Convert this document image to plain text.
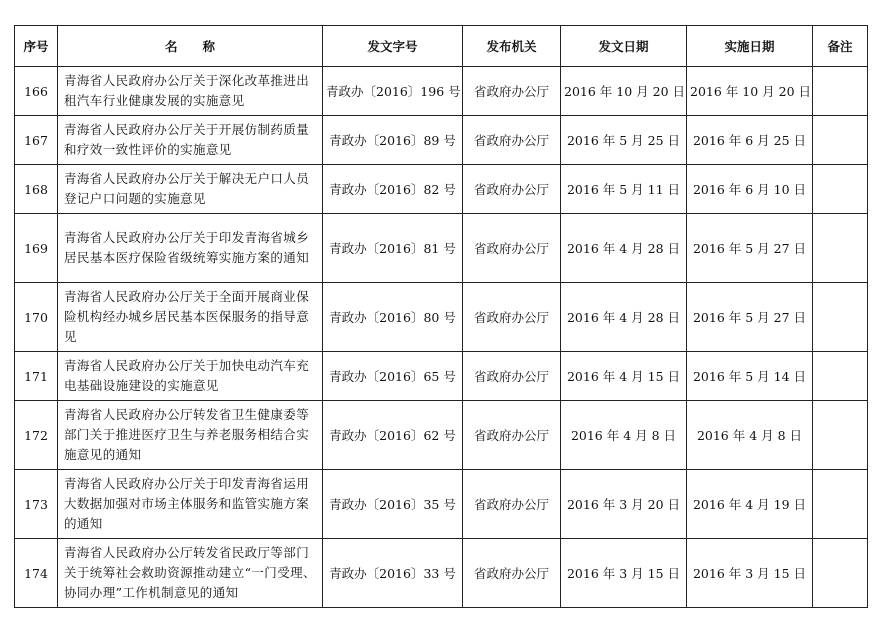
序号	名　　称	发文字号	发布机关	发文日期	实施日期	备注
166	青海省人民政府办公厅关于深化改革推进出租汽车行业健康发展的实施意见	青政办〔2016〕196 号	省政府办公厅	2016 年 10 月 20 日	2016 年 10 月 20 日	
167	青海省人民政府办公厅关于开展仿制药质量和疗效一致性评价的实施意见	青政办〔2016〕89 号	省政府办公厅	2016 年 5 月 25 日	2016 年 6 月 25 日	
168	青海省人民政府办公厅关于解决无户口人员登记户口问题的实施意见	青政办〔2016〕82 号	省政府办公厅	2016 年 5 月 11 日	2016 年 6 月 10 日	
169	青海省人民政府办公厅关于印发青海省城乡居民基本医疗保险省级统筹实施方案的通知	青政办〔2016〕81 号	省政府办公厅	2016 年 4 月 28 日	2016 年 5 月 27 日	
170	青海省人民政府办公厅关于全面开展商业保险机构经办城乡居民基本医保服务的指导意见	青政办〔2016〕80 号	省政府办公厅	2016 年 4 月 28 日	2016 年 5 月 27 日	
171	青海省人民政府办公厅关于加快电动汽车充电基础设施建设的实施意见	青政办〔2016〕65 号	省政府办公厅	2016 年 4 月 15 日	2016 年 5 月 14 日	
172	青海省人民政府办公厅转发省卫生健康委等部门关于推进医疗卫生与养老服务相结合实施意见的通知	青政办〔2016〕62 号	省政府办公厅	2016 年 4 月 8 日	2016 年 4 月 8 日	
173	青海省人民政府办公厅关于印发青海省运用大数据加强对市场主体服务和监管实施方案的通知	青政办〔2016〕35 号	省政府办公厅	2016 年 3 月 20 日	2016 年 4 月 19 日	
174	青海省人民政府办公厅转发省民政厅等部门关于统筹社会救助资源推动建立“一门受理、协同办理”工作机制意见的通知	青政办〔2016〕33 号	省政府办公厅	2016 年 3 月 15 日	2016 年 3 月 15 日	
